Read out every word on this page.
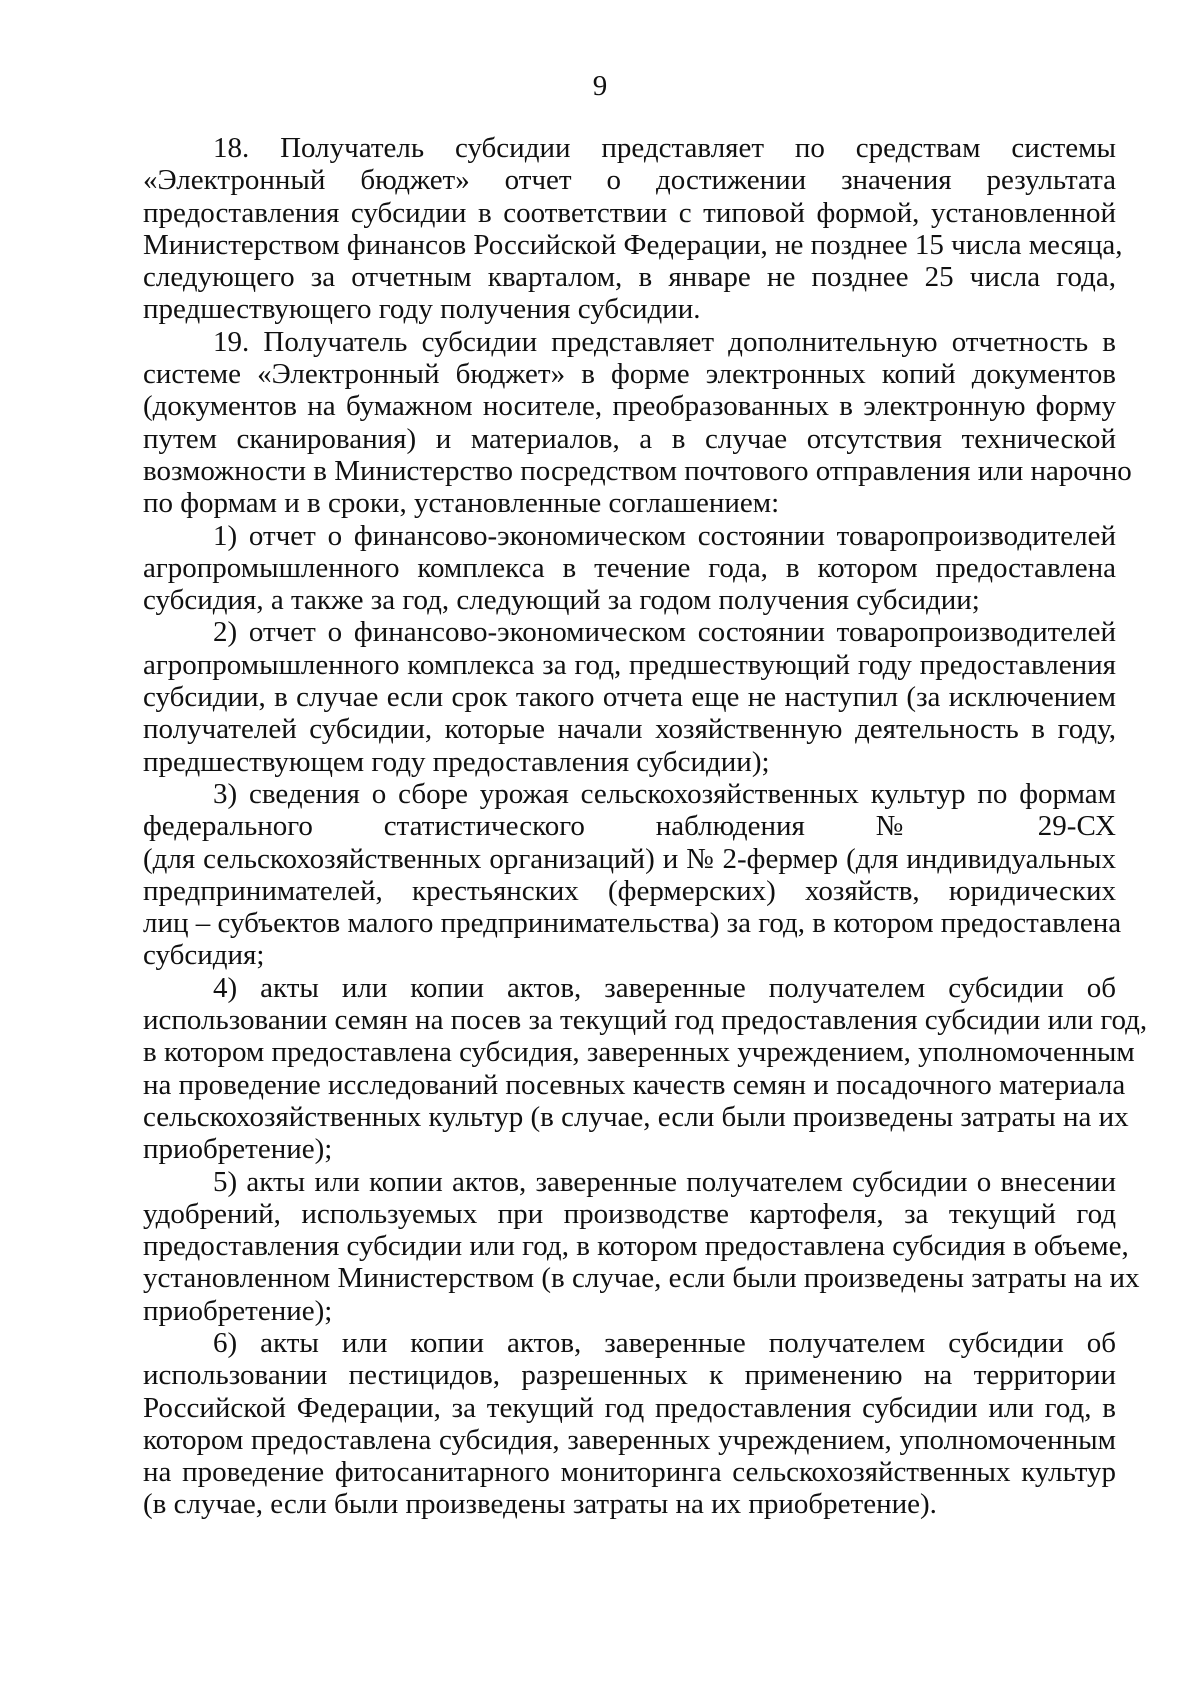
9
18. Получатель субсидии представляет по средствам системы
«Электронный бюджет» отчет о достижении значения результата
предоставления субсидии в соответствии с типовой формой, установленной
Министерством финансов Российской Федерации, не позднее 15 числа месяца,
следующего за отчетным кварталом, в январе не позднее 25 числа года,
предшествующего году получения субсидии.
19. Получатель субсидии представляет дополнительную отчетность в
системе «Электронный бюджет» в форме электронных копий документов
(документов на бумажном носителе, преобразованных в электронную форму
путем сканирования) и материалов, а в случае отсутствия технической
возможности в Министерство посредством почтового отправления или нарочно
по формам и в сроки, установленные соглашением:
1) отчет о финансово-экономическом состоянии товаропроизводителей
агропромышленного комплекса в течение года, в котором предоставлена
субсидия, а также за год, следующий за годом получения субсидии;
2) отчет о финансово-экономическом состоянии товаропроизводителей
агропромышленного комплекса за год, предшествующий году предоставления
субсидии, в случае если срок такого отчета еще не наступил (за исключением
получателей субсидии, которые начали хозяйственную деятельность в году,
предшествующем году предоставления субсидии);
3) сведения о сборе урожая сельскохозяйственных культур по формам
федерального статистического наблюдения № 29-СХ
(для сельскохозяйственных организаций) и № 2-фермер (для индивидуальных
предпринимателей, крестьянских (фермерских) хозяйств, юридических
лиц – субъектов малого предпринимательства) за год, в котором предоставлена
субсидия;
4) акты или копии актов, заверенные получателем субсидии об
использовании семян на посев за текущий год предоставления субсидии или год,
в котором предоставлена субсидия, заверенных учреждением, уполномоченным
на проведение исследований посевных качеств семян и посадочного материала
сельскохозяйственных культур (в случае, если были произведены затраты на их
приобретение);
5) акты или копии актов, заверенные получателем субсидии о внесении
удобрений, используемых при производстве картофеля, за текущий год
предоставления субсидии или год, в котором предоставлена субсидия в объеме,
установленном Министерством (в случае, если были произведены затраты на их
приобретение);
6) акты или копии актов, заверенные получателем субсидии об
использовании пестицидов, разрешенных к применению на территории
Российской Федерации, за текущий год предоставления субсидии или год, в
котором предоставлена субсидия, заверенных учреждением, уполномоченным
на проведение фитосанитарного мониторинга сельскохозяйственных культур
(в случае, если были произведены затраты на их приобретение).
